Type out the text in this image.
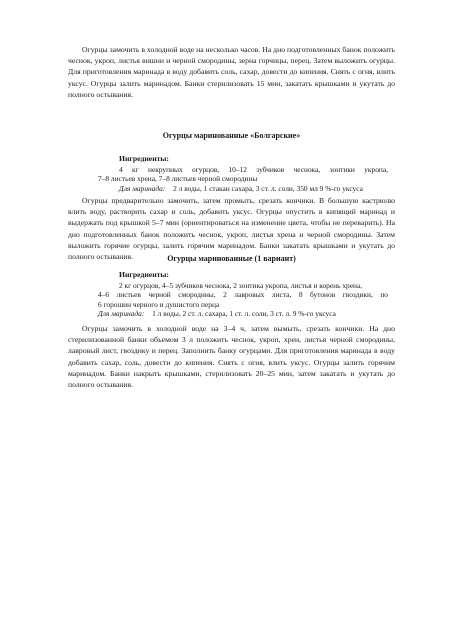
Огурцы замочить в холодной воде на несколько часов. На дно подготовленных банок положить чеснок, укроп, листья вишни и черной смородины, зерна горчицы, перец. Затем выложить огурцы. Для приготовления маринада в воду добавить соль, сахар, довести до кипения. Снять с огня, влить уксус. Огурцы залить маринадом. Банки стерилизовать 15 мин, закатать крышками и укутать до полного остывания.

Огурцы маринованные «Болгарские»

Ингредиенты:

4 кг некрупных огурцов, 10–12 зубчиков чеснока, зонтики укропа,
7–8 листьев хрена, 7–8 листьев черной смородины
Для маринада: 2 л воды, 1 стакан сахара, 3 ст. л. соли, 350 мл 9 %-го уксуса

Огурцы предварительно замочить, затем промыть, срезать кончики. В большую кастрюлю влить воду, растворить сахар и соль, добавить уксус. Огурцы опустить в кипящий маринад и выдержать под крышкой 5–7 мин (ориентироваться на изменение цвета, чтобы не переварить). На дно подготовленных банок положить чеснок, укроп, листья хрена и черной смородины. Затем выложить горячие огурцы, залить горячим маринадом. Банки закатать крышками и укутать до полного остывания.	Огурцы маринованные (1 вариант)

Ингредиенты:

2 кг огурцов, 4–5 зубчиков чеснока, 2 зонтика укропа, листья и корень хрена,
4–6 листьев черной смородины, 2 лавровых листа, 8 бутонов гвоздики, по
6 горошин черного и душистого перца
Для маринада: 1 л воды, 2 ст. л. сахара, 1 ст. л. соли, 3 ст. л. 9 %-го уксуса

Огурцы замочить в холодной воде на 3–4 ч, затем вымыть, срезать кончики. На дно стерилизованной банки объемом 3 л положить чеснок, укроп, хрен, листья черной смородины, лавровый лист, гвоздику и перец. Заполнить банку огурцами. Для приготовления маринада в воду добавить сахар, соль, довести до кипения. Снять с огня, влить уксус. Огурцы залить горячим маринадом. Банки накрыть крышками, стерилизовать 20–25 мин, затем закатать и укутать до полного остывания.
